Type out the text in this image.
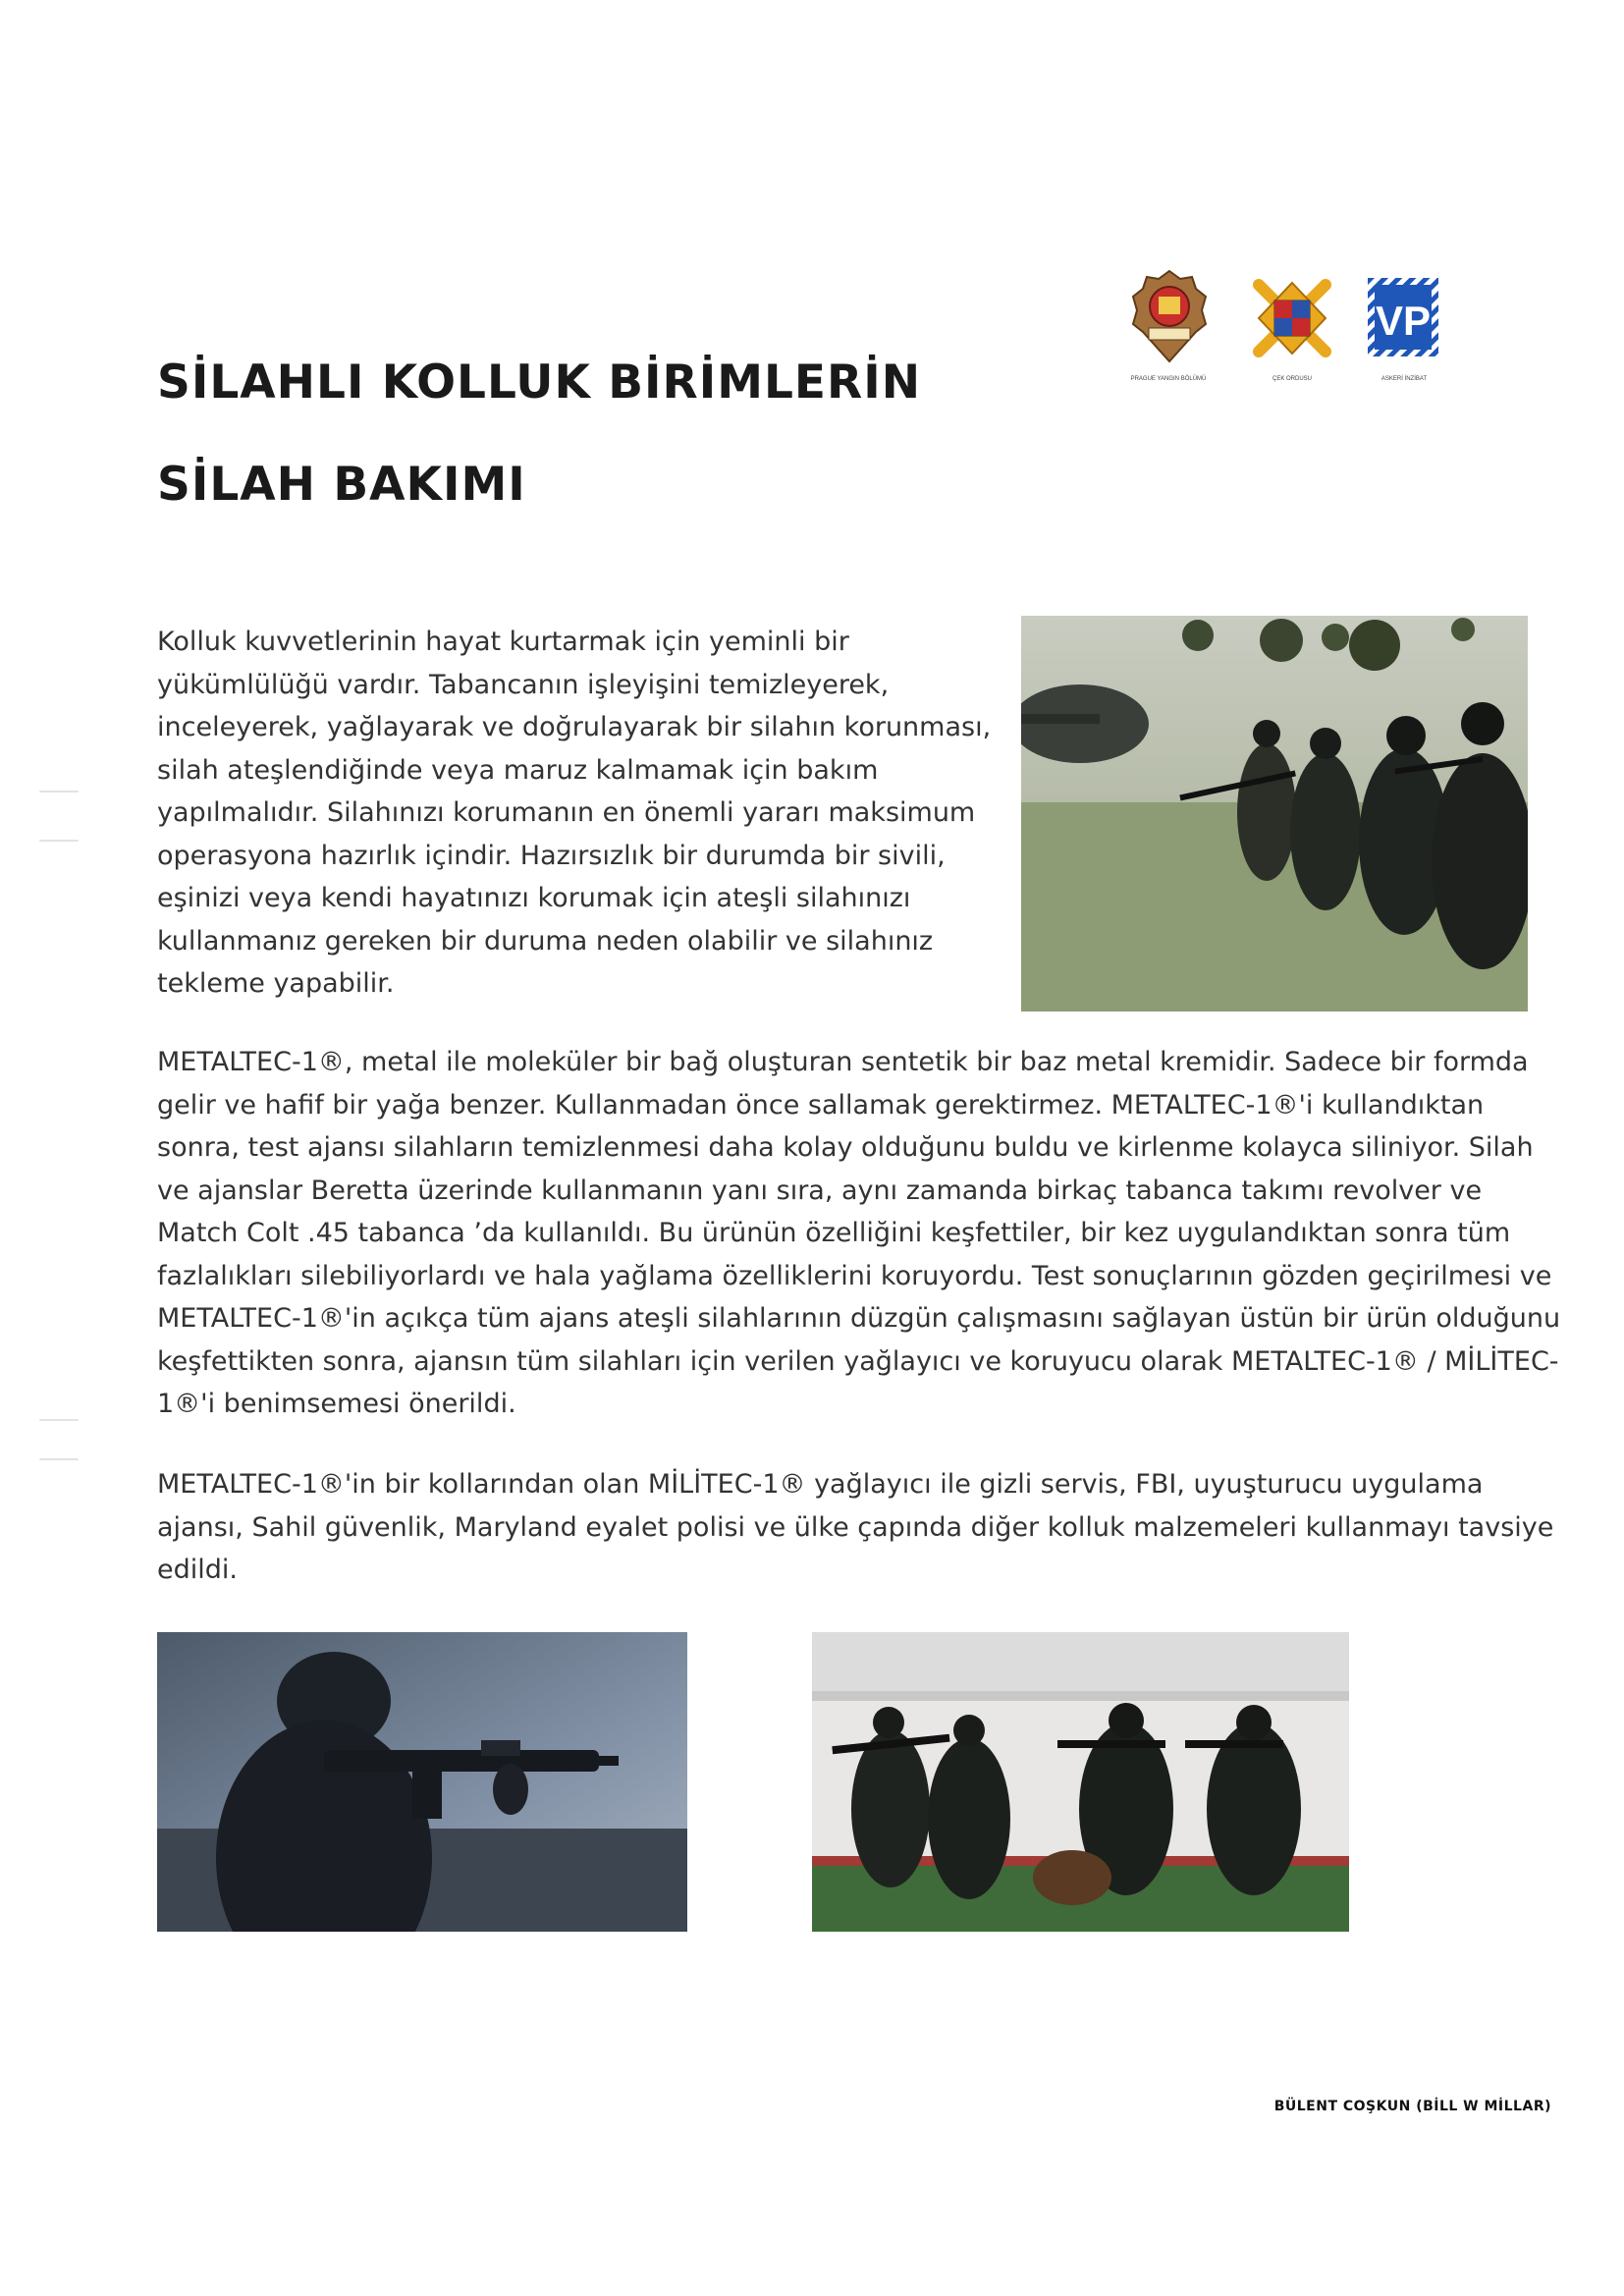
SİLAHLI KOLLUK BİRİMLERİN
SİLAH BAKIMI
PRAGUE YANGIN BÖLÜMÜ	ÇEK ORDUSU
VP
ASKERİ İNZİBAT

Kolluk kuvvetlerinin hayat kurtarmak için yeminli bir yükümlülüğü vardır. Tabancanın işleyişini temizleyerek, inceleyerek, yağlayarak ve doğrulayarak bir silahın korunması, silah ateşlendiğinde veya maruz kalmamak için bakım yapılmalıdır. Silahınızı korumanın en önemli yararı maksimum operasyona hazırlık içindir. Hazırsızlık bir durumda bir sivili, eşinizi veya kendi hayatınızı korumak için ateşli silahınızı kullanmanız gereken bir duruma neden olabilir ve silahınız tekleme yapabilir.

METALTEC-1®, metal ile moleküler bir bağ oluşturan sentetik bir baz metal kremidir. Sadece bir formda gelir ve hafif bir yağa benzer. Kullanmadan önce sallamak gerektirmez. METALTEC-1®'i kullandıktan sonra, test ajansı silahların temizlenmesi daha kolay olduğunu buldu ve kirlenme kolayca siliniyor. Silah ve ajanslar Beretta üzerinde kullanmanın yanı sıra, aynı zamanda birkaç tabanca takımı revolver ve Match Colt .45 tabanca ’da kullanıldı. Bu ürünün özelliğini keşfettiler, bir kez uygulandıktan sonra tüm fazlalıkları silebiliyorlardı ve hala yağlama özelliklerini koruyordu. Test sonuçlarının gözden geçirilmesi ve METALTEC-1®'in açıkça tüm ajans ateşli silahlarının düzgün çalışmasını sağlayan üstün bir ürün olduğunu keşfettikten sonra, ajansın tüm silahları için verilen yağlayıcı ve koruyucu olarak METALTEC-1® / MİLİTEC-1®'i benimsemesi önerildi.

METALTEC-1®'in bir kollarından olan MİLİTEC-1® yağlayıcı ile gizli servis, FBI, uyuşturucu uygulama ajansı, Sahil güvenlik, Maryland eyalet polisi ve ülke çapında diğer kolluk malzemeleri kullanmayı tavsiye edildi.

BÜLENT COŞKUN (BİLL W MİLLAR)
